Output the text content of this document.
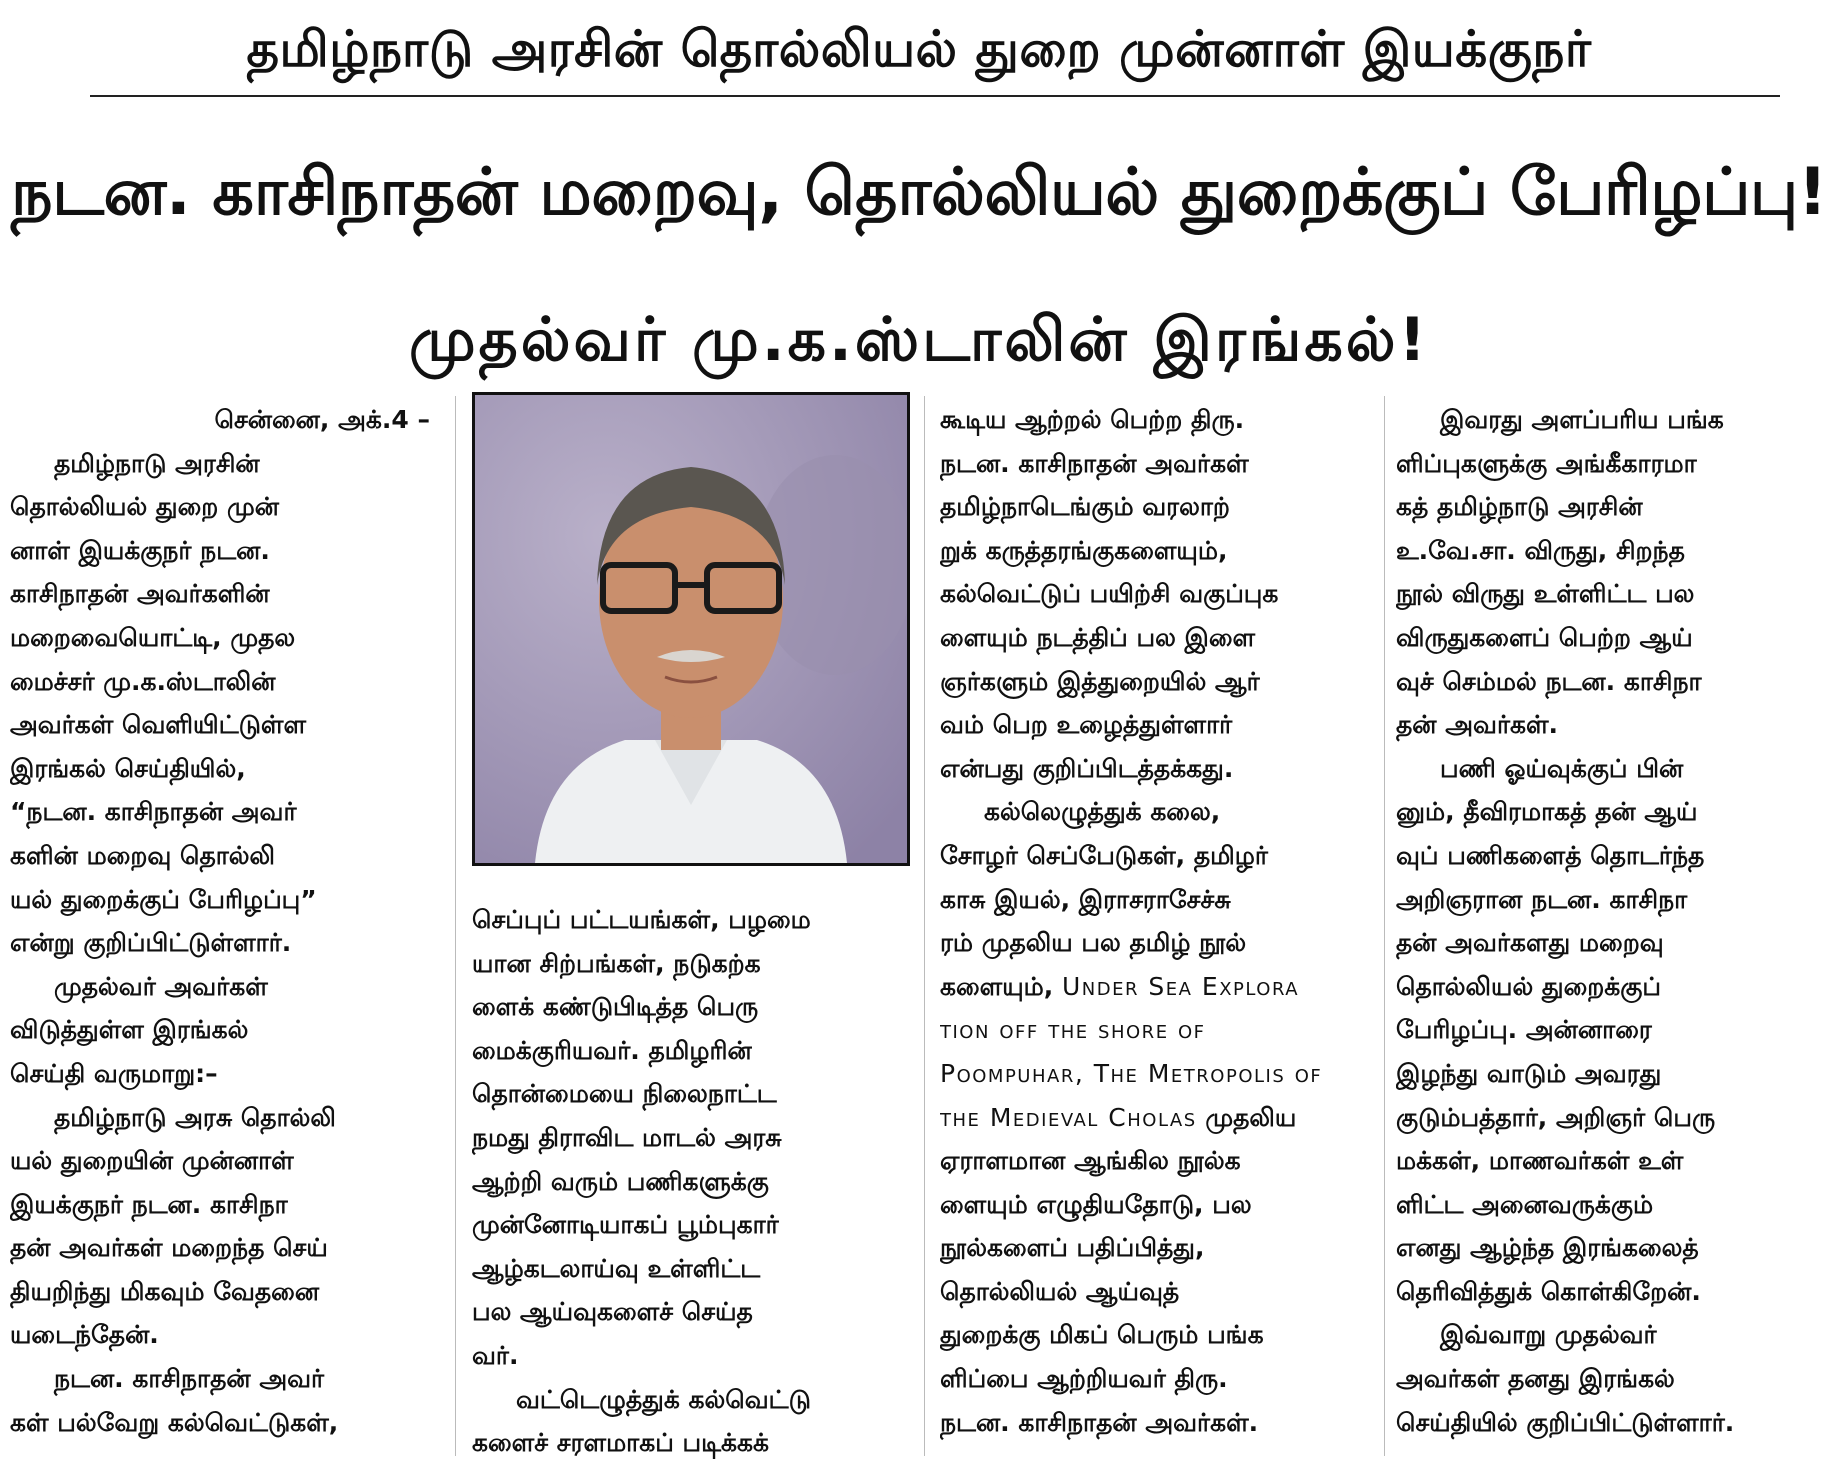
தமிழ்நாடு அரசின் தொல்லியல் துறை முன்னாள் இயக்குநர்
நடன. காசிநாதன் மறைவு, தொல்லியல் துறைக்குப் பேரிழப்பு!
முதல்வர் மு.க.ஸ்டாலின் இரங்கல்!

சென்னை, அக்.4 –

தமிழ்நாடு அரசின்

தொல்லியல் துறை முன்

னாள் இயக்குநர் நடன.

காசிநாதன் அவர்களின்

மறைவையொட்டி, முதல

மைச்சர் மு.க.ஸ்டாலின்

அவர்கள் வெளியிட்டுள்ள

இரங்கல் செய்தியில்,

“நடன. காசிநாதன் அவர்

களின் மறைவு தொல்லி

யல் துறைக்குப் பேரிழப்பு”

என்று குறிப்பிட்டுள்ளார்.

முதல்வர் அவர்கள்

விடுத்துள்ள இரங்கல்

செய்தி வருமாறு:–

தமிழ்நாடு அரசு தொல்லி

யல் துறையின் முன்னாள்

இயக்குநர் நடன. காசிநா

தன் அவர்கள் மறைந்த செய்

தியறிந்து மிகவும் வேதனை

யடைந்தேன்.

நடன. காசிநாதன் அவர்

கள் பல்வேறு கல்வெட்டுகள்,

செப்புப் பட்டயங்கள், பழமை

யான சிற்பங்கள், நடுகற்க

ளைக் கண்டுபிடித்த பெரு

மைக்குரியவர். தமிழரின்

தொன்மையை நிலைநாட்ட

நமது திராவிட மாடல் அரசு

ஆற்றி வரும் பணிகளுக்கு

முன்னோடியாகப் பூம்புகார்

ஆழ்கடலாய்வு உள்ளிட்ட

பல ஆய்வுகளைச் செய்த

வர்.

வட்டெழுத்துக் கல்வெட்டு

களைச் சரளமாகப் படிக்கக்

கூடிய ஆற்றல் பெற்ற திரு.

நடன. காசிநாதன் அவர்கள்

தமிழ்நாடெங்கும் வரலாற்

றுக் கருத்தரங்குகளையும்,

கல்வெட்டுப் பயிற்சி வகுப்புக

ளையும் நடத்திப் பல இளை

ஞர்களும் இத்துறையில் ஆர்

வம் பெற உழைத்துள்ளார்

என்பது குறிப்பிடத்தக்கது.

கல்லெழுத்துக் கலை,

சோழர் செப்பேடுகள், தமிழர்

காசு இயல், இராசராசேச்சு

ரம் முதலிய பல தமிழ் நூல்

களையும், Under Sea Explora

tion off the shore of

Poompuhar, The Metropolis of

the Medieval Cholas முதலிய

ஏராளமான ஆங்கில நூல்க

ளையும் எழுதியதோடு, பல

நூல்களைப் பதிப்பித்து,

தொல்லியல் ஆய்வுத்

துறைக்கு மிகப் பெரும் பங்க

ளிப்பை ஆற்றியவர் திரு.

நடன. காசிநாதன் அவர்கள்.

இவரது அளப்பரிய பங்க

ளிப்புகளுக்கு அங்கீகாரமா

கத் தமிழ்நாடு அரசின்

உ.வே.சா. விருது, சிறந்த

நூல் விருது உள்ளிட்ட பல

விருதுகளைப் பெற்ற ஆய்

வுச் செம்மல் நடன. காசிநா

தன் அவர்கள்.

பணி ஓய்வுக்குப் பின்

னும், தீவிரமாகத் தன் ஆய்

வுப் பணிகளைத் தொடர்ந்த

அறிஞரான நடன. காசிநா

தன் அவர்களது மறைவு

தொல்லியல் துறைக்குப்

பேரிழப்பு. அன்னாரை

இழந்து வாடும் அவரது

குடும்பத்தார், அறிஞர் பெரு

மக்கள், மாணவர்கள் உள்

ளிட்ட அனைவருக்கும்

எனது ஆழ்ந்த இரங்கலைத்

தெரிவித்துக் கொள்கிறேன்.

இவ்வாறு முதல்வர்

அவர்கள் தனது இரங்கல்

செய்தியில் குறிப்பிட்டுள்ளார்.
